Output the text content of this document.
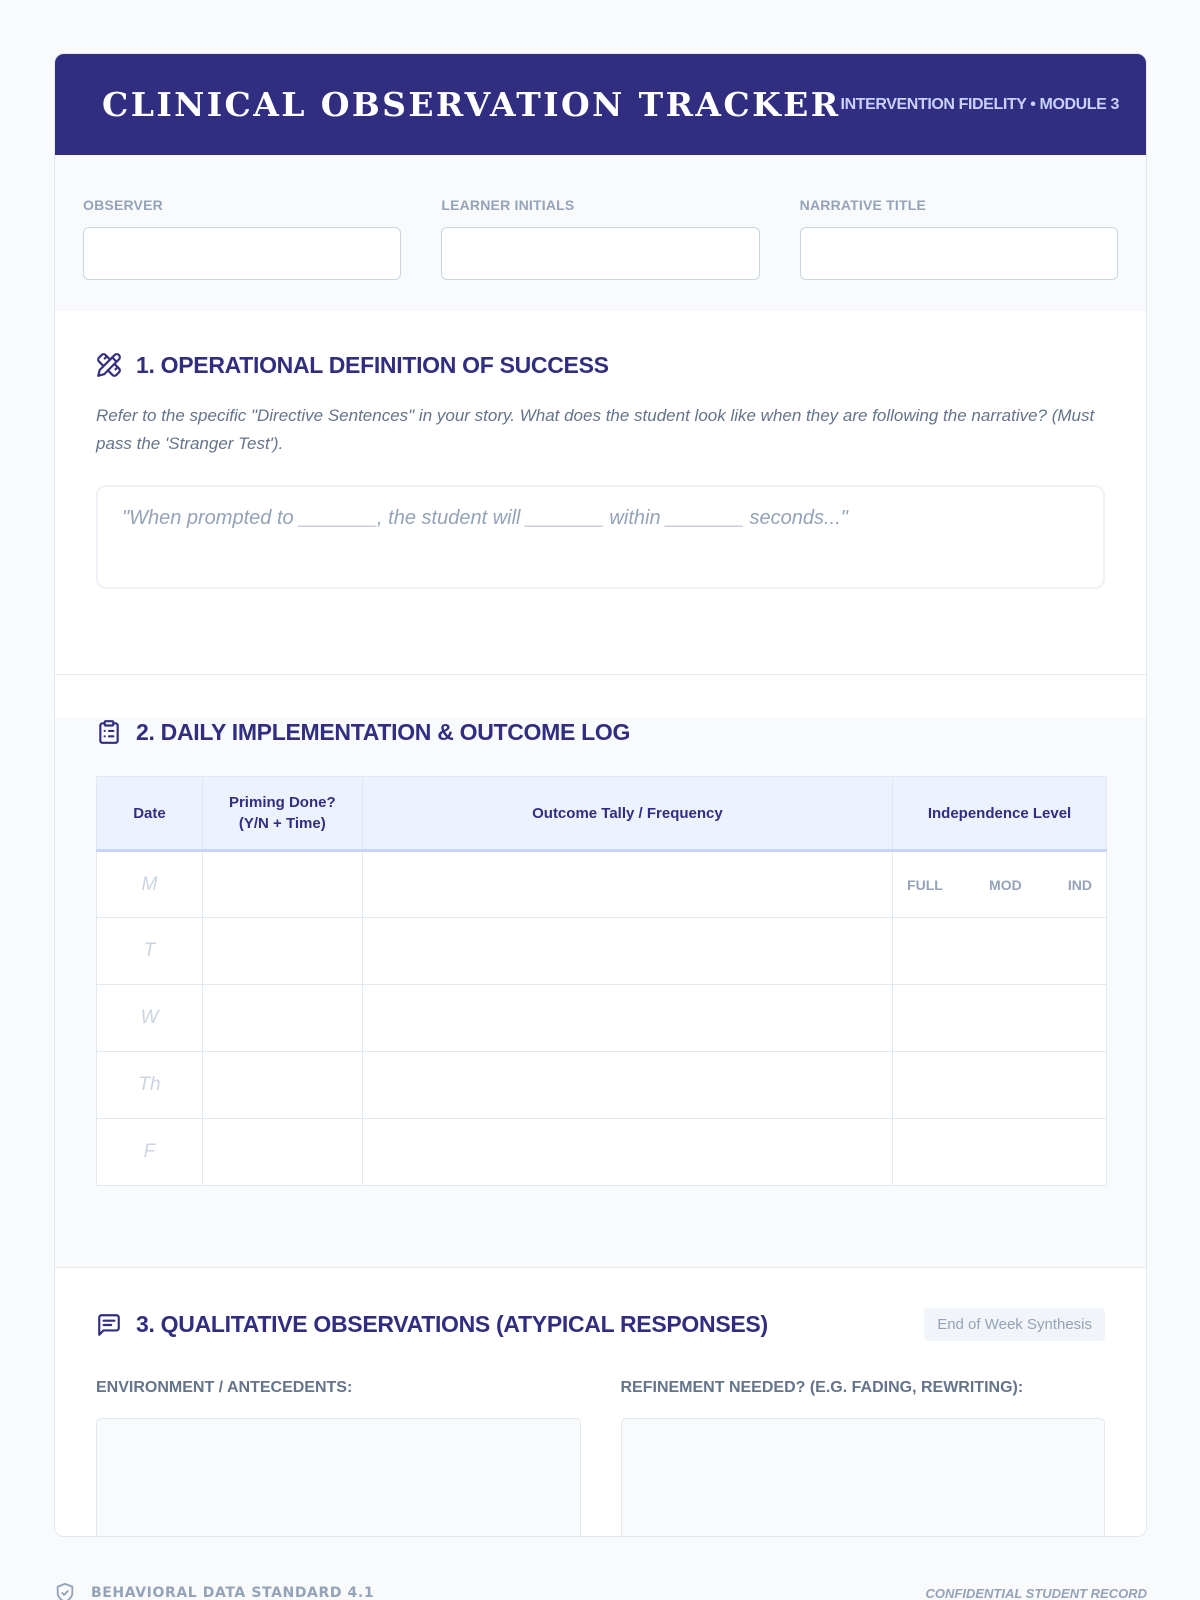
CLINICAL OBSERVATION TRACKER INTERVENTION FIDELITY • MODULE 3
OBSERVER	LEARNER INITIALS	NARRATIVE TITLE
1. OPERATIONAL DEFINITION OF SUCCESS

Refer to the specific "Directive Sentences" in your story. What does the student look like when they are following the narrative? (Must pass the 'Stranger Test').

"When prompted to _______, the student will _______ within _______ seconds..."
2. DAILY IMPLEMENTATION & OUTCOME LOG
Date	Priming Done?
(Y/N + Time)	Outcome Tally / Frequency	Independence Level
M			FULL MOD IND

T			
W			
Th			
F			
3. QUALITATIVE OBSERVATIONS (ATYPICAL RESPONSES)	End of Week Synthesis
ENVIRONMENT / ANTECEDENTS:	REFINEMENT NEEDED? (E.G. FADING, REWRITING):
BEHAVIORAL DATA STANDARD 4.1	CONFIDENTIAL STUDENT RECORD
